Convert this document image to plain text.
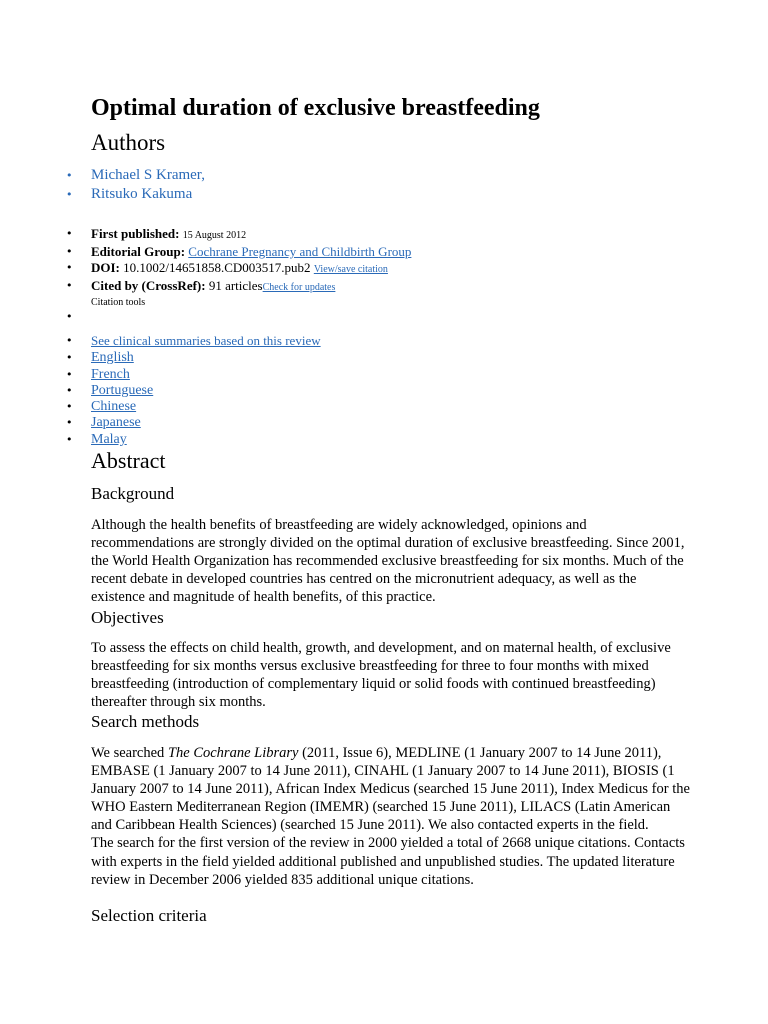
Optimal duration of exclusive breastfeeding
Authors
• Michael S Kramer,
• Ritsuko Kakuma
• First published: 15 August 2012
• Editorial Group: Cochrane Pregnancy and Childbirth Group
• DOI: 10.1002/14651858.CD003517.pub2 View/save citation
• Cited by (CrossRef): 91 articlesCheck for updates
Citation tools
•
• See clinical summaries based on this review
• English
• French
• Portuguese
• Chinese
• Japanese
• Malay
Abstract
Background

Although the health benefits of breastfeeding are widely acknowledged, opinions and recommendations are strongly divided on the optimal duration of exclusive breastfeeding. Since 2001, the World Health Organization has recommended exclusive breastfeeding for six months. Much of the recent debate in developed countries has centred on the micronutrient adequacy, as well as the existence and magnitude of health benefits, of this practice.

Objectives

To assess the effects on child health, growth, and development, and on maternal health, of exclusive breastfeeding for six months versus exclusive breastfeeding for three to four months with mixed breastfeeding (introduction of complementary liquid or solid foods with continued breastfeeding) thereafter through six months.

Search methods

We searched The Cochrane Library (2011, Issue 6), MEDLINE (1 January 2007 to 14 June 2011), EMBASE (1 January 2007 to 14 June 2011), CINAHL (1 January 2007 to 14 June 2011), BIOSIS (1 January 2007 to 14 June 2011), African Index Medicus (searched 15 June 2011), Index Medicus for the WHO Eastern Mediterranean Region (IMEMR) (searched 15 June 2011), LILACS (Latin American and Caribbean Health Sciences) (searched 15 June 2011). We also contacted experts in the field.
The search for the first version of the review in 2000 yielded a total of 2668 unique citations. Contacts with experts in the field yielded additional published and unpublished studies. The updated literature review in December 2006 yielded 835 additional unique citations.

Selection criteria
